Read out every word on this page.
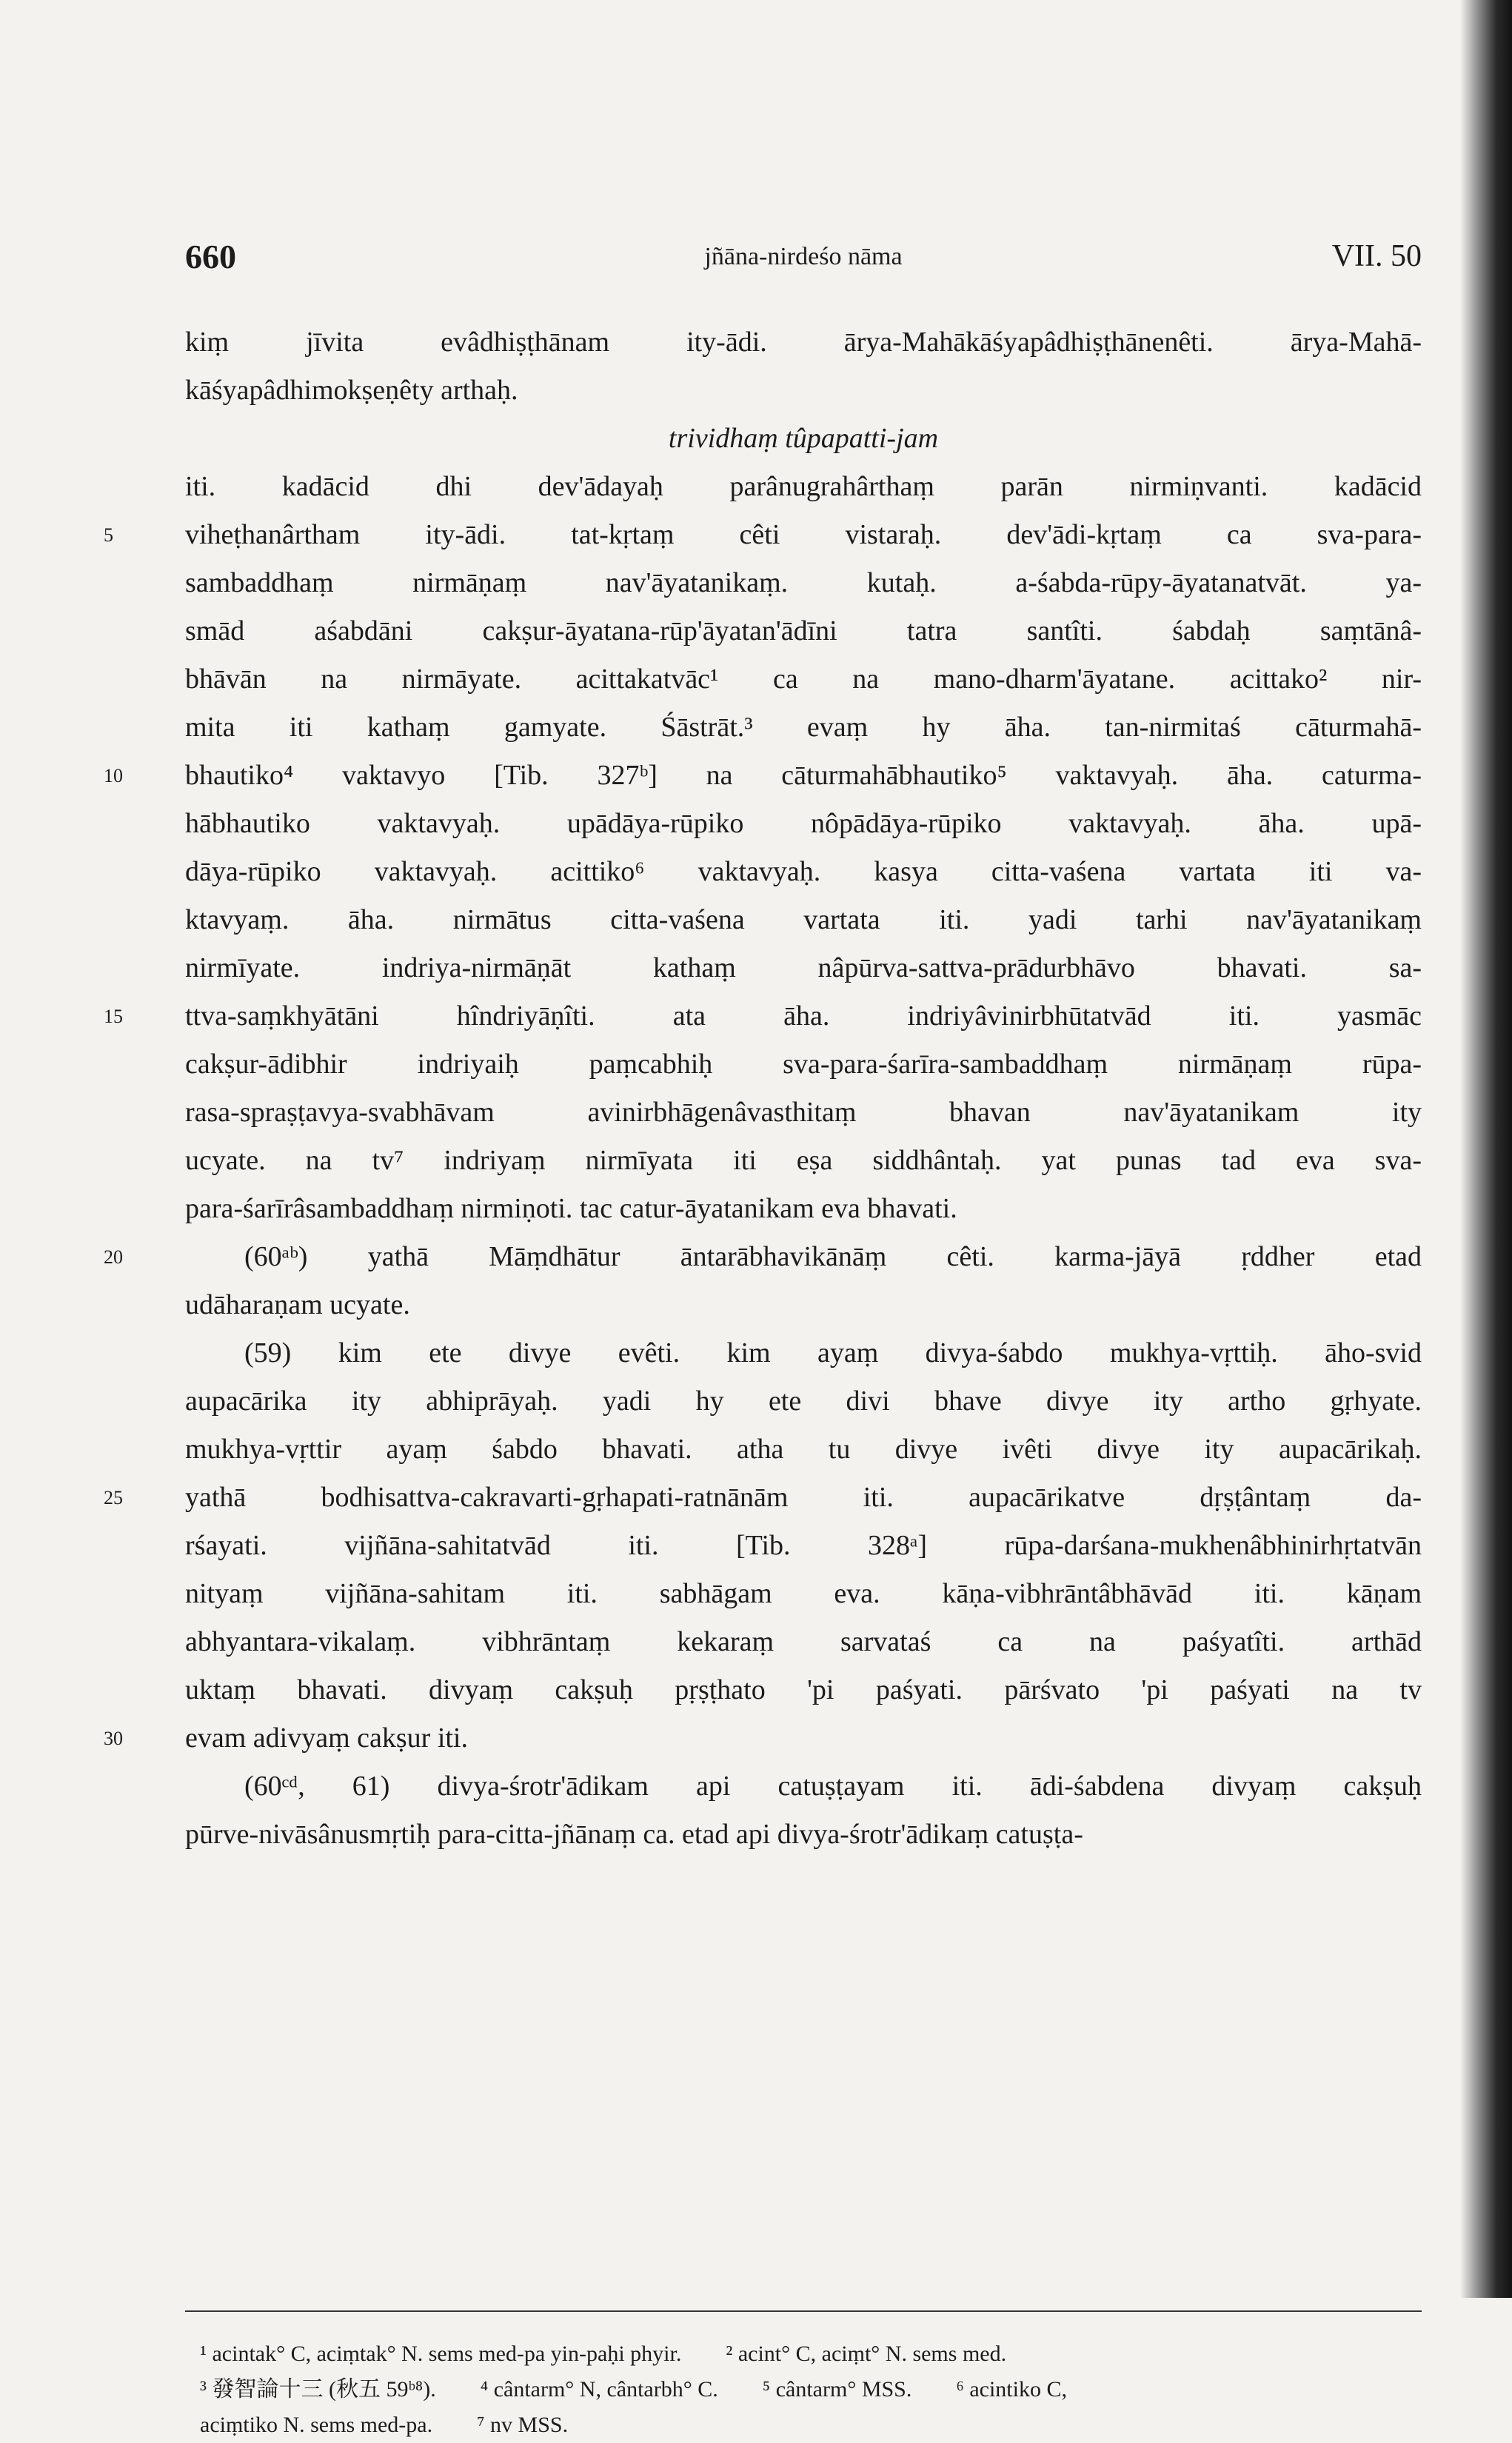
660	jñāna-nirdeśo nāma	VII. 50
kiṃ jīvita evâdhiṣṭhānam ity-ādi. ārya-Mahākāśyapâdhiṣṭhānenêti. ārya-Mahā-
kāśyapâdhimokṣeṇêty arthaḥ.
trividhaṃ tûpapatti-jam
iti. kadācid dhi dev'ādayaḥ parânugrahârthaṃ parān nirmiṇvanti. kadācid
5	viheṭhanârtham ity-ādi. tat-kṛtaṃ cêti vistaraḥ. dev'ādi-kṛtaṃ ca sva-para-
sambaddhaṃ nirmāṇaṃ nav'āyatanikaṃ. kutaḥ. a-śabda-rūpy-āyatanatvāt. ya-
smād aśabdāni cakṣur-āyatana-rūp'āyatan'ādīni tatra santîti. śabdaḥ saṃtānâ-
bhāvān na nirmāyate. acittakatvāc¹ ca na mano-dharm'āyatane. acittako² nir-
mita iti kathaṃ gamyate. Śāstrāt.³ evaṃ hy āha. tan-nirmitaś cāturmahā-
10	bhautiko⁴ vaktavyo [Tib. 327ᵇ] na cāturmahābhautiko⁵ vaktavyaḥ. āha. caturma-
hābhautiko vaktavyaḥ. upādāya-rūpiko nôpādāya-rūpiko vaktavyaḥ. āha. upā-
dāya-rūpiko vaktavyaḥ. acittiko⁶ vaktavyaḥ. kasya citta-vaśena vartata iti va-
ktavyaṃ. āha. nirmātus citta-vaśena vartata iti. yadi tarhi nav'āyatanikaṃ
nirmīyate. indriya-nirmāṇāt kathaṃ nâpūrva-sattva-prādurbhāvo bhavati. sa-
15	ttva-saṃkhyātāni hîndriyāṇîti. ata āha. indriyâvinirbhūtatvād iti. yasmāc
cakṣur-ādibhir indriyaiḥ paṃcabhiḥ sva-para-śarīra-sambaddhaṃ nirmāṇaṃ rūpa-
rasa-spraṣṭavya-svabhāvam avinirbhāgenâvasthitaṃ bhavan nav'āyatanikam ity
ucyate. na tv⁷ indriyaṃ nirmīyata iti eṣa siddhântaḥ. yat punas tad eva sva-
para-śarīrâsambaddhaṃ nirmiṇoti. tac catur-āyatanikam eva bhavati.
20	(60ᵃᵇ) yathā Māṃdhātur āntarābhavikānāṃ cêti. karma-jāyā ṛddher etad
udāharaṇam ucyate.
(59) kim ete divye evêti. kim ayaṃ divya-śabdo mukhya-vṛttiḥ. āho-svid
aupacārika ity abhiprāyaḥ. yadi hy ete divi bhave divye ity artho gṛhyate.
mukhya-vṛttir ayaṃ śabdo bhavati. atha tu divye ivêti divye ity aupacārikaḥ.
25	yathā bodhisattva-cakravarti-gṛhapati-ratnānām iti. aupacārikatve dṛṣṭântaṃ da-
rśayati. vijñāna-sahitatvād iti. [Tib. 328ᵃ] rūpa-darśana-mukhenâbhinirhṛtatvān
nityaṃ vijñāna-sahitam iti. sabhāgam eva. kāṇa-vibhrāntâbhāvād iti. kāṇam
abhyantara-vikalaṃ. vibhrāntaṃ kekaraṃ sarvataś ca na paśyatîti. arthād
uktaṃ bhavati. divyaṃ cakṣuḥ pṛṣṭhato 'pi paśyati. pārśvato 'pi paśyati na tv
30	evam adivyaṃ cakṣur iti.
(60ᶜᵈ, 61) divya-śrotr'ādikam api catuṣṭayam iti. ādi-śabdena divyaṃ cakṣuḥ
pūrve-nivāsânusmṛtiḥ para-citta-jñānaṃ ca. etad api divya-śrotr'ādikaṃ catuṣṭa-
¹ acintak° C, aciṃtak° N. sems med-pa yin-paḥi phyir. ² acint° C, aciṃt° N. sems med.
³ 發智論十三 (秋五 59ᵇ⁸). ⁴ cântarm° N, cântarbh° C. ⁵ cântarm° MSS. ⁶ acintiko C,
aciṃtiko N. sems med-pa. ⁷ nv MSS.
